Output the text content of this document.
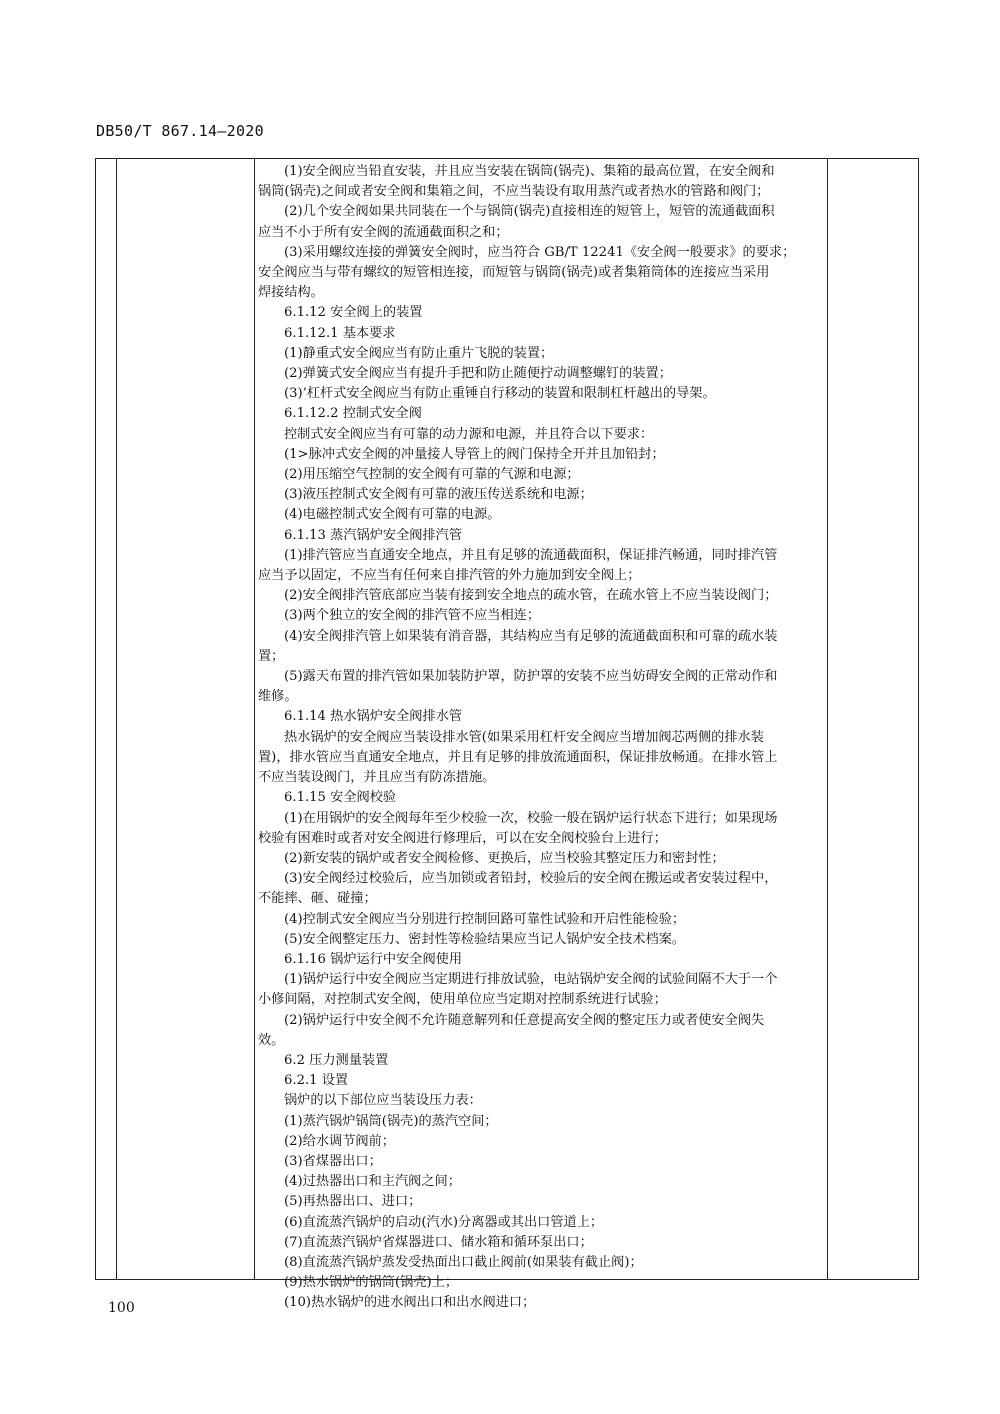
DB50/T 867.14—2020

(1)安全阀应当铅直安装，并且应当安装在锅筒(锅壳)、集箱的最高位置，在安全阀和

锅筒(锅壳)之间或者安全阀和集箱之间，不应当装设有取用蒸汽或者热水的管路和阀门；

(2)几个安全阀如果共同装在一个与锅筒(锅壳)直接相连的短管上，短管的流通截面积

应当不小于所有安全阀的流通截面积之和；

(3)采用螺纹连接的弹簧安全阀时，应当符合 GB/T 12241《安全阀一般要求》的要求；

安全阀应当与带有螺纹的短管相连接，而短管与锅筒(锅壳)或者集箱筒体的连接应当采用

焊接结构。

6.1.12 安全阀上的装置

6.1.12.1 基本要求

(1)静重式安全阀应当有防止重片飞脱的装置；

(2)弹簧式安全阀应当有提升手把和防止随便拧动调整螺钉的装置；

(3)’杠杆式安全阀应当有防止重锤自行移动的装置和限制杠杆越出的导架。

6.1.12.2 控制式安全阀

控制式安全阀应当有可靠的动力源和电源，并且符合以下要求：

(1>脉冲式安全阀的冲量接人导管上的阀门保持全开并且加铅封；

(2)用压缩空气控制的安全阀有可靠的气源和电源；

(3)液压控制式安全阀有可靠的液压传送系统和电源；

(4)电磁控制式安全阀有可靠的电源。

6.1.13 蒸汽锅炉安全阀排汽管

(1)排汽管应当直通安全地点，并且有足够的流通截面积，保证排汽畅通，同时排汽管

应当予以固定，不应当有任何来自排汽管的外力施加到安全阀上；

(2)安全阀排汽管底部应当装有接到安全地点的疏水管，在疏水管上不应当装设阀门；

(3)两个独立的安全阀的排汽管不应当相连；

(4)安全阀排汽管上如果装有消音器，其结构应当有足够的流通截面积和可靠的疏水装

置；

(5)露天布置的排汽管如果加装防护罩，防护罩的安装不应当妨碍安全阀的正常动作和

维修。

6.1.14 热水锅炉安全阀排水管

热水锅炉的安全阀应当装设排水管(如果采用杠杆安全阀应当增加阀芯两侧的排水装

置)，排水管应当直通安全地点，并且有足够的排放流通面积，保证排放畅通。在排水管上

不应当装设阀门，并且应当有防冻措施。

6.1.15 安全阀校验

(1)在用锅炉的安全阀每年至少校验一次，校验一般在锅炉运行状态下进行；如果现场

校验有困难时或者对安全阀进行修理后，可以在安全阀校验台上进行；

(2)新安装的锅炉或者安全阀检修、更换后，应当校验其整定压力和密封性；

(3)安全阀经过校验后，应当加锁或者铅封，校验后的安全阀在搬运或者安装过程中，

不能摔、砸、碰撞；

(4)控制式安全阀应当分别进行控制回路可靠性试验和开启性能检验；

(5)安全阀整定压力、密封性等检验结果应当记人锅炉安全技术档案。

6.1.16 锅炉运行中安全阀使用

(1)锅炉运行中安全阀应当定期进行排放试验，电站锅炉安全阀的试验间隔不大于一个

小修间隔，对控制式安全阀，使用单位应当定期对控制系统进行试验；

(2)锅炉运行中安全阀不允许随意解列和任意提高安全阀的整定压力或者使安全阀失

效。

6.2 压力测量装置

6.2.1 设置

锅炉的以下部位应当装设压力表：

(1)蒸汽锅炉锅筒(锅壳)的蒸汽空间；

(2)给水调节阀前；

(3)省煤器出口；

(4)过热器出口和主汽阀之间；

(5)再热器出口、进口；

(6)直流蒸汽锅炉的启动(汽水)分离器或其出口管道上；

(7)直流蒸汽锅炉省煤器进口、储水箱和循环泵出口；

(8)直流蒸汽锅炉蒸发受热面出口截止阀前(如果装有截止阀)；

(9)热水锅炉的锅筒(锅壳)上；

(10)热水锅炉的进水阀出口和出水阀进口；

100
